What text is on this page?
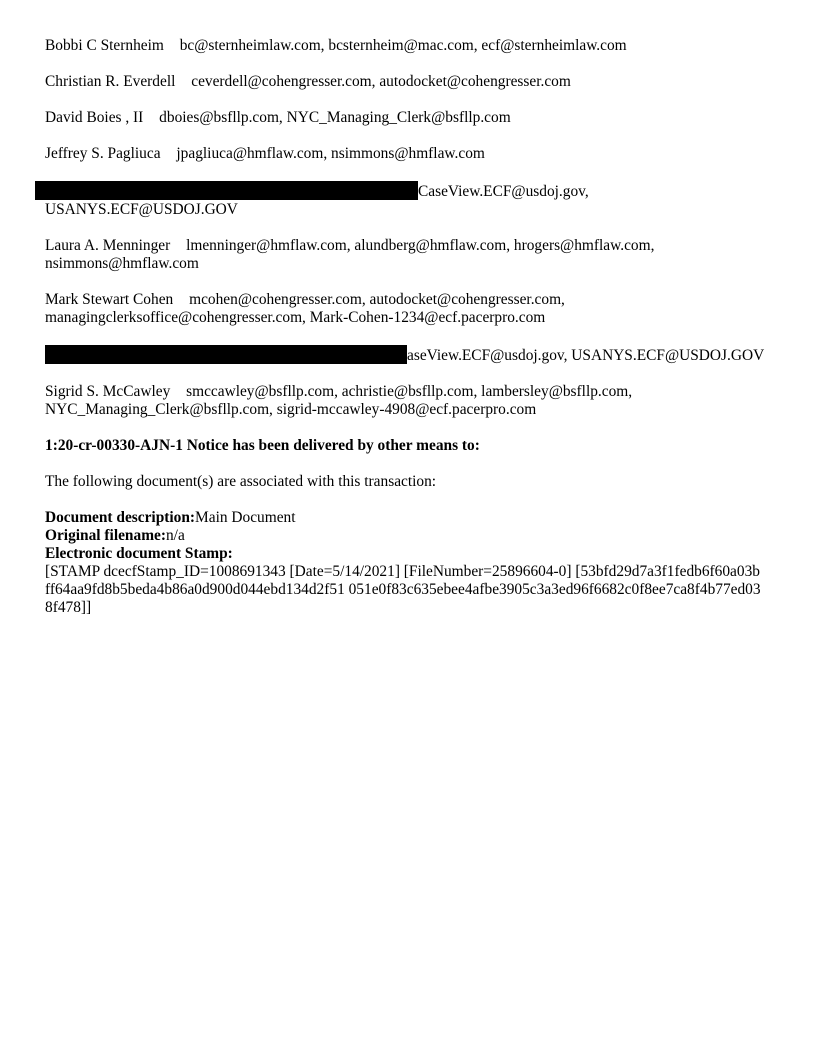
Bobbi C Sternheim bc@sternheimlaw.com, bcsternheim@mac.com, ecf@sternheimlaw.com
Christian R. Everdell ceverdell@cohengresser.com, autodocket@cohengresser.com
David Boies , II dboies@bsfllp.com, NYC_Managing_Clerk@bsfllp.com
Jeffrey S. Pagliuca jpagliuca@hmflaw.com, nsimmons@hmflaw.com
CaseView.ECF@usdoj.gov, USANYS.ECF@USDOJ.GOV
Laura A. Menninger lmenninger@hmflaw.com, alundberg@hmflaw.com, hrogers@hmflaw.com, nsimmons@hmflaw.com
Mark Stewart Cohen mcohen@cohengresser.com, autodocket@cohengresser.com, managingclerksoffice@cohengresser.com, Mark-Cohen-1234@ecf.pacerpro.com
aseView.ECF@usdoj.gov, USANYS.ECF@USDOJ.GOV
Sigrid S. McCawley smccawley@bsfllp.com, achristie@bsfllp.com, lambersley@bsfllp.com, NYC_Managing_Clerk@bsfllp.com, sigrid-mccawley-4908@ecf.pacerpro.com
1:20-cr-00330-AJN-1 Notice has been delivered by other means to:
The following document(s) are associated with this transaction:
Document description:Main Document
Original filename:n/a
Electronic document Stamp:
[STAMP dcecfStamp_ID=1008691343 [Date=5/14/2021] [FileNumber=25896604-0] [53bfd29d7a3f1fedb6f60a03bff64aa9fd8b5beda4b86a0d900d044ebd134d2f51 051e0f83c635ebee4afbe3905c3a3ed96f6682c0f8ee7ca8f4b77ed038f478]]
